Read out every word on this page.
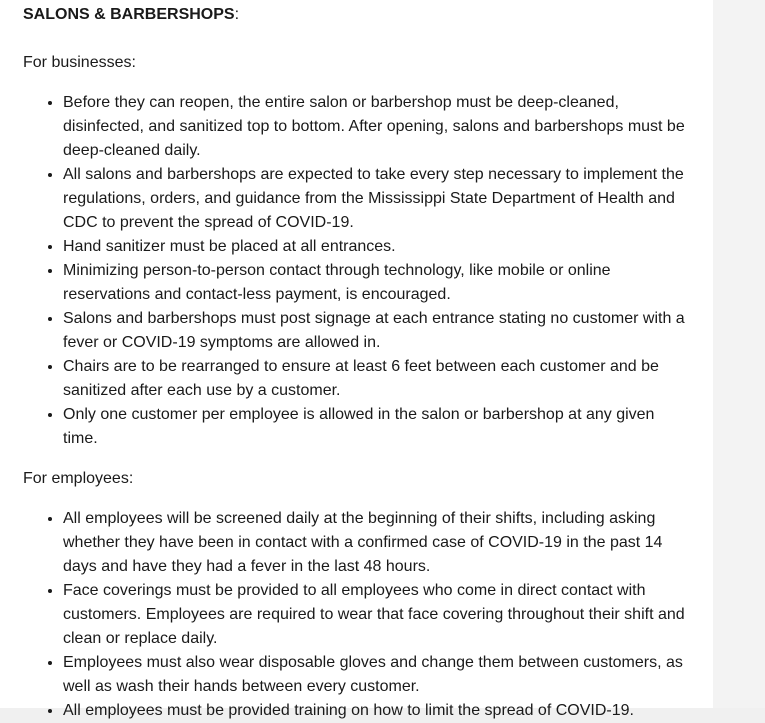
SALONS & BARBERSHOPS:

For businesses:

• Before they can reopen, the entire salon or barbershop must be deep-cleaned, disinfected, and sanitized top to bottom. After opening, salons and barbershops must be deep-cleaned daily.
• All salons and barbershops are expected to take every step necessary to implement the regulations, orders, and guidance from the Mississippi State Department of Health and CDC to prevent the spread of COVID-19.
• Hand sanitizer must be placed at all entrances.
• Minimizing person-to-person contact through technology, like mobile or online reservations and contact-less payment, is encouraged.
• Salons and barbershops must post signage at each entrance stating no customer with a fever or COVID-19 symptoms are allowed in.
• Chairs are to be rearranged to ensure at least 6 feet between each customer and be sanitized after each use by a customer.
• Only one customer per employee is allowed in the salon or barbershop at any given time.

For employees:

• All employees will be screened daily at the beginning of their shifts, including asking whether they have been in contact with a confirmed case of COVID-19 in the past 14 days and have they had a fever in the last 48 hours.
• Face coverings must be provided to all employees who come in direct contact with customers. Employees are required to wear that face covering throughout their shift and clean or replace daily.
• Employees must also wear disposable gloves and change them between customers, as well as wash their hands between every customer.
• All employees must be provided training on how to limit the spread of COVID-19.
